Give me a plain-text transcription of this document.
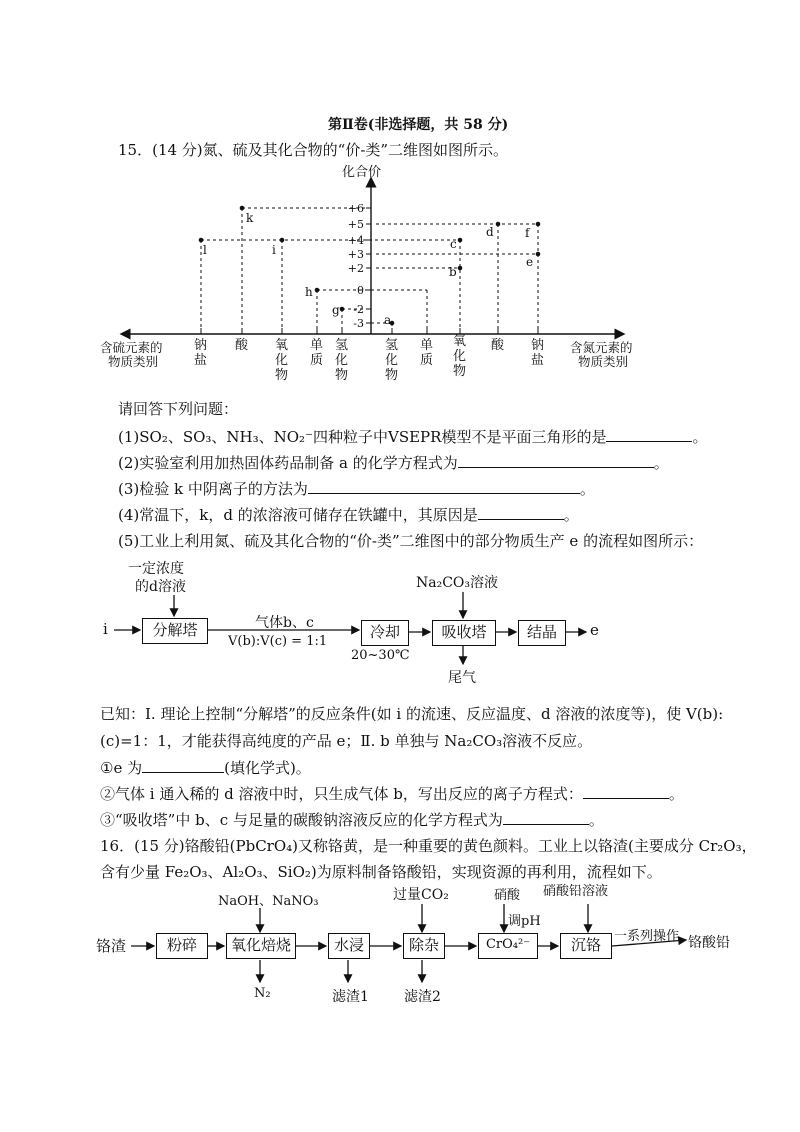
第Ⅱ卷(非选择题，共 58 分)
15．(14 分)氮、硫及其化合物的“价-类”二维图如图所示。
化合价
+6
+5
+4
+3
+2
0
-2
-3
k
l	i
h
g
a
b
c
d
e
f
含硫元素的
物质类别
含氮元素的
物质类别
钠盐
酸 氧化物
单质
氢化物
氢化物
单质
氧化物
酸 钠盐
请回答下列问题：
(1)SO₂、SO₃、NH₃、NO₂⁻四种粒子中VSEPR模型不是平面三角形的是	。
(2)实验室利用加热固体药品制备 a 的化学方程式为	。
(3)检验 k 中阴离子的方法为	。
(4)常温下，k，d 的浓溶液可储存在铁罐中，其原因是	。
(5)工业上利用氮、硫及其化合物的“价-类”二维图中的部分物质生产 e 的流程如图所示：
一定浓度
的d溶液
i	分解塔	气体b、c
V(b):V(c) = 1:1
冷却
20~30℃
Na₂CO₃溶液
吸收塔
尾气
结晶	e
已知：Ⅰ. 理论上控制“分解塔”的反应条件(如 i 的流速、反应温度、d 溶液的浓度等)，使 V(b):
(c)=1：1，才能获得高纯度的产品 e；Ⅱ. b 单独与 Na₂CO₃溶液不反应。
①e 为	(填化学式)。
②气体 i 通入稀的 d 溶液中时，只生成气体 b，写出反应的离子方程式：	。
③“吸收塔”中 b、c 与足量的碳酸钠溶液反应的化学方程式为	。
16．(15 分)铬酸铅(PbCrO₄)又称铬黄，是一种重要的黄色颜料。工业上以铬渣(主要成分 Cr₂O₃，
含有少量 Fe₂O₃、Al₂O₃、SiO₂)为原料制备铬酸铅，实现资源的再利用，流程如下。
铬渣	粉碎
NaOH、NaNO₃
氧化焙烧
N₂
水浸
滤渣1
过量CO₂
除杂
滤渣2
硝酸
调pH
CrO₄²⁻
硝酸铅溶液
沉铬	一系列操作 铬酸铅
